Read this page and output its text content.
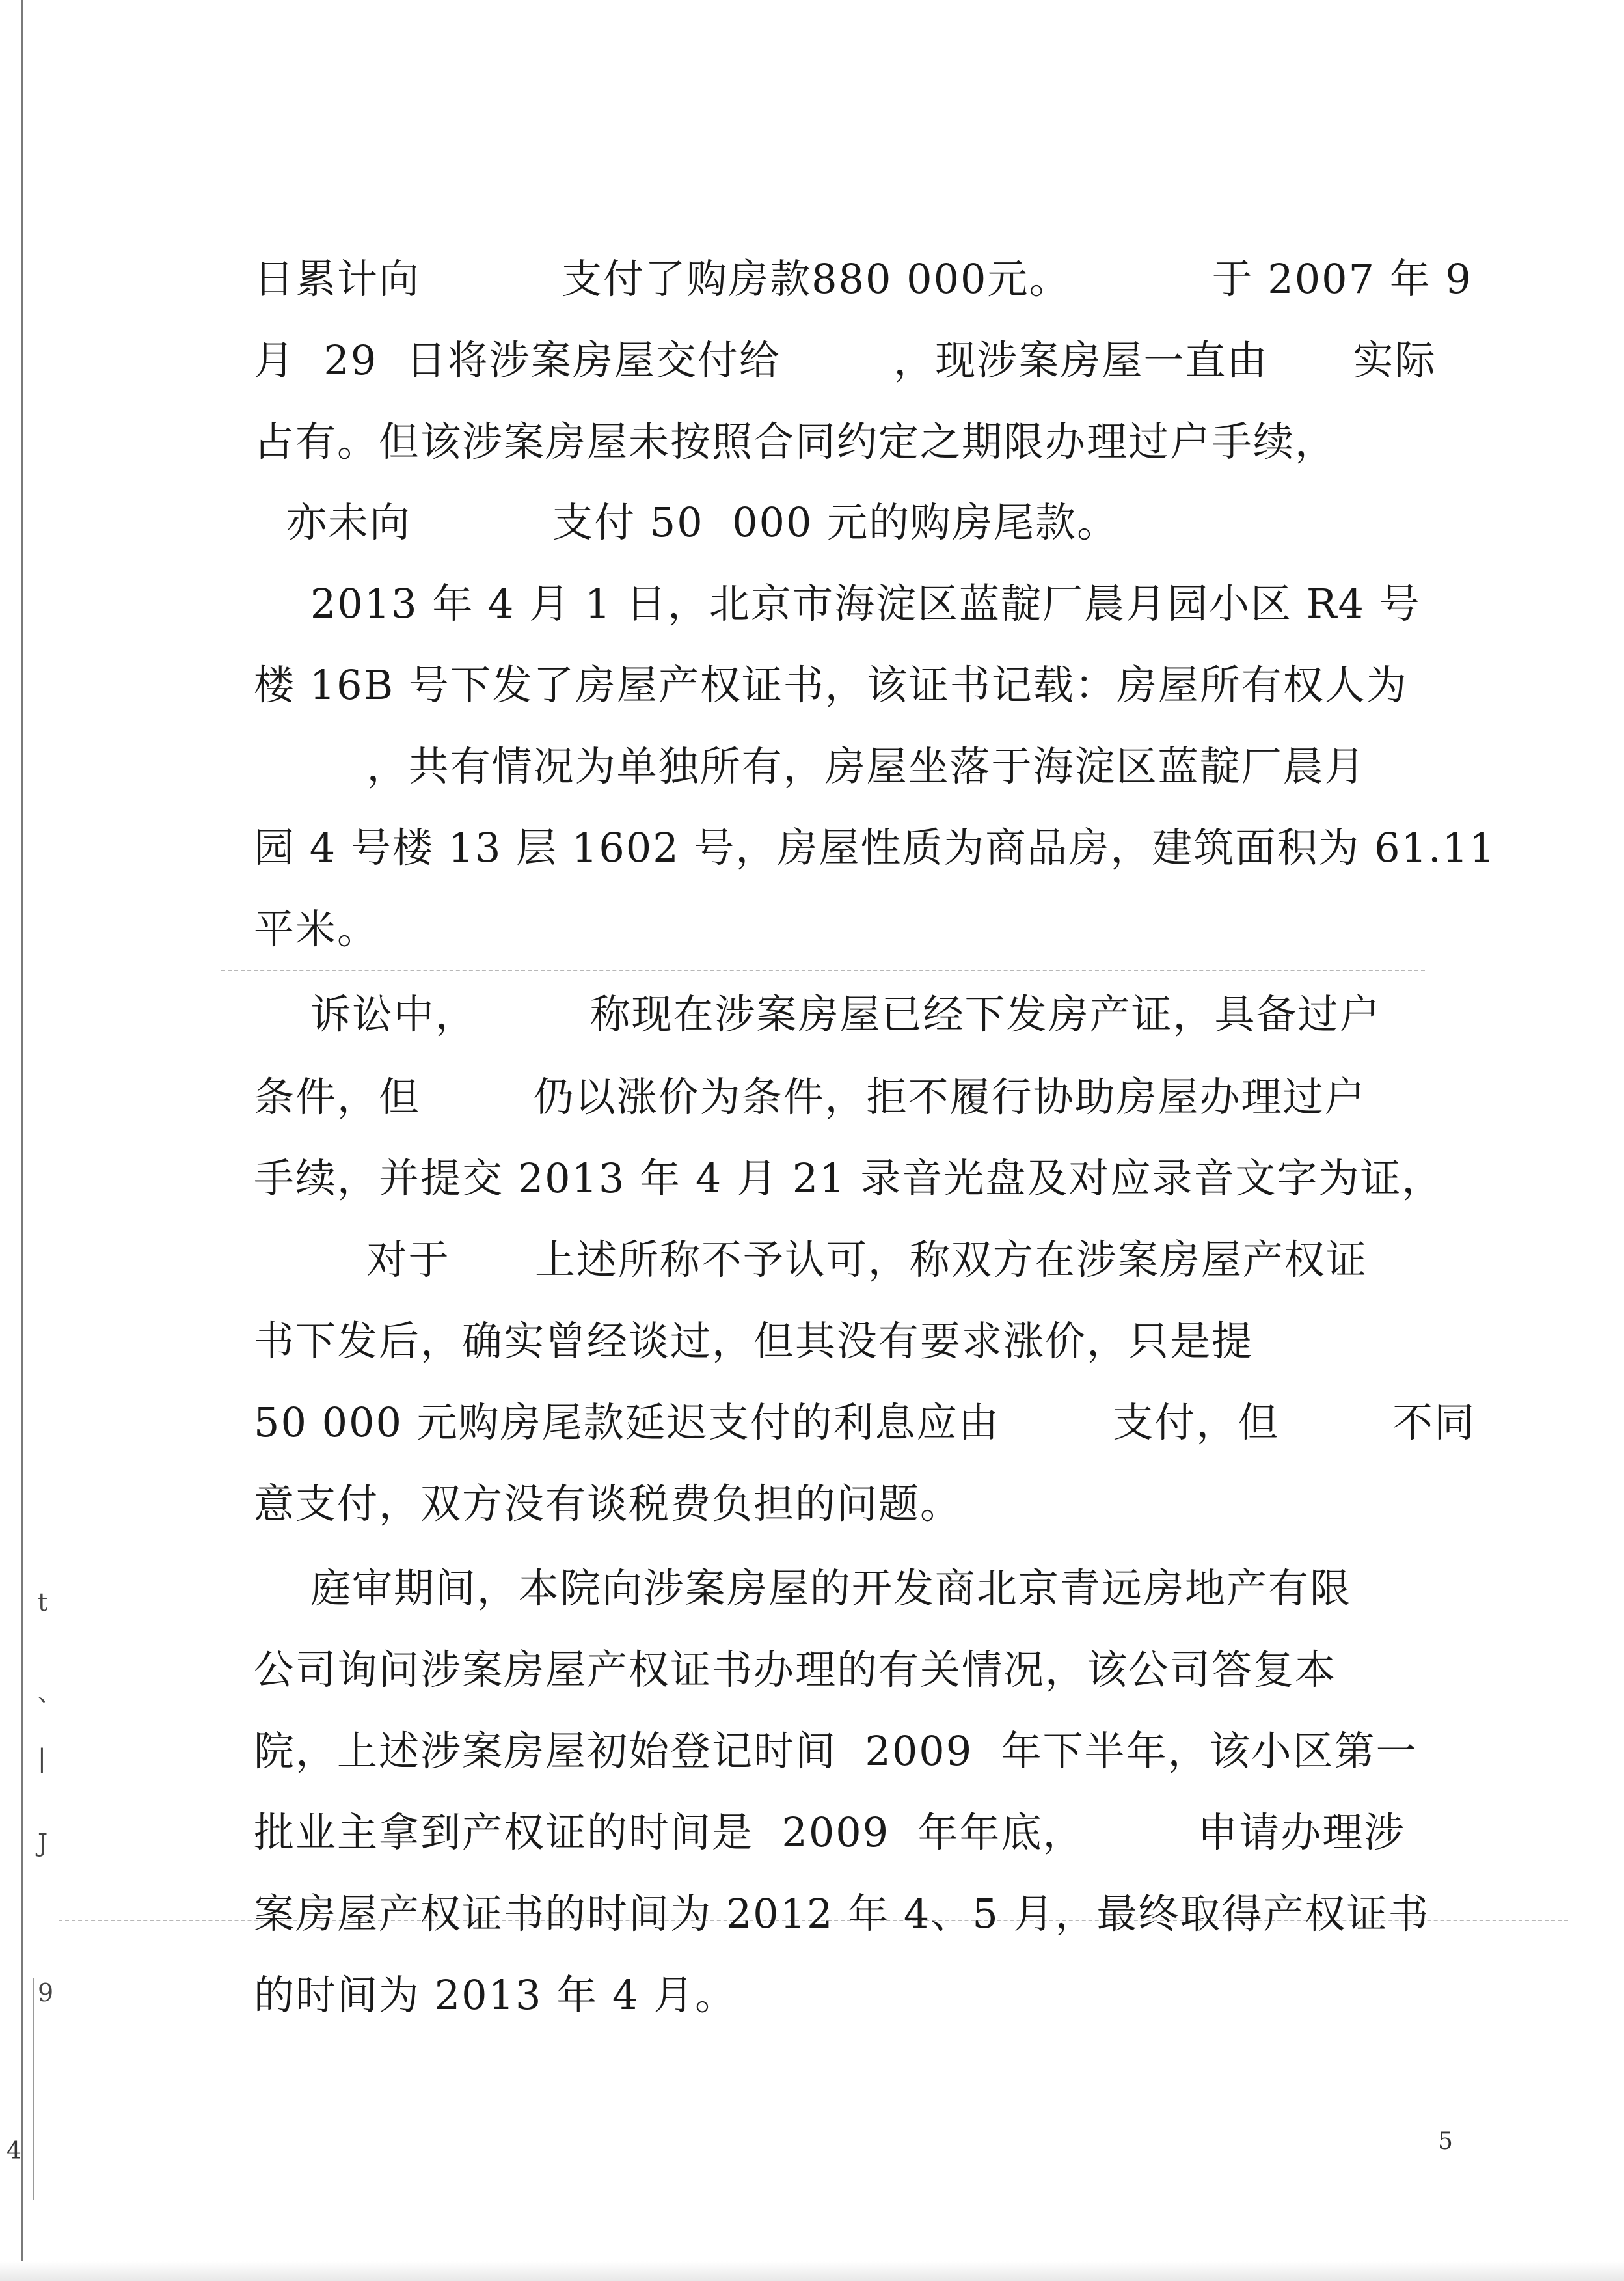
t
、
|
J
9
日累计向          支付了购房款880 000元。          于 2007 年 9
月  29  日将涉案房屋交付给        ，现涉案房屋一直由      实际
占有。但该涉案房屋未按照合同约定之期限办理过户手续，
亦未向          支付 50  000 元的购房尾款。
2013 年 4 月 1 日，北京市海淀区蓝靛厂晨月园小区 R4 号
楼 16B 号下发了房屋产权证书，该证书记载：房屋所有权人为
，共有情况为单独所有，房屋坐落于海淀区蓝靛厂晨月
园 4 号楼 13 层 1602 号，房屋性质为商品房，建筑面积为 61.11
平米。
诉讼中，        称现在涉案房屋已经下发房产证，具备过户
条件，但        仍以涨价为条件，拒不履行协助房屋办理过户
手续，并提交 2013 年 4 月 21 录音光盘及对应录音文字为证，
对于      上述所称不予认可，称双方在涉案房屋产权证
书下发后，确实曾经谈过，但其没有要求涨价，只是提
50 000 元购房尾款延迟支付的利息应由        支付，但        不同
意支付，双方没有谈税费负担的问题。
庭审期间，本院向涉案房屋的开发商北京青远房地产有限
公司询问涉案房屋产权证书办理的有关情况，该公司答复本
院，上述涉案房屋初始登记时间  2009  年下半年，该小区第一
批业主拿到产权证的时间是  2009  年年底，        申请办理涉
案房屋产权证书的时间为 2012 年 4、5 月，最终取得产权证书
的时间为 2013 年 4 月。
5
4
